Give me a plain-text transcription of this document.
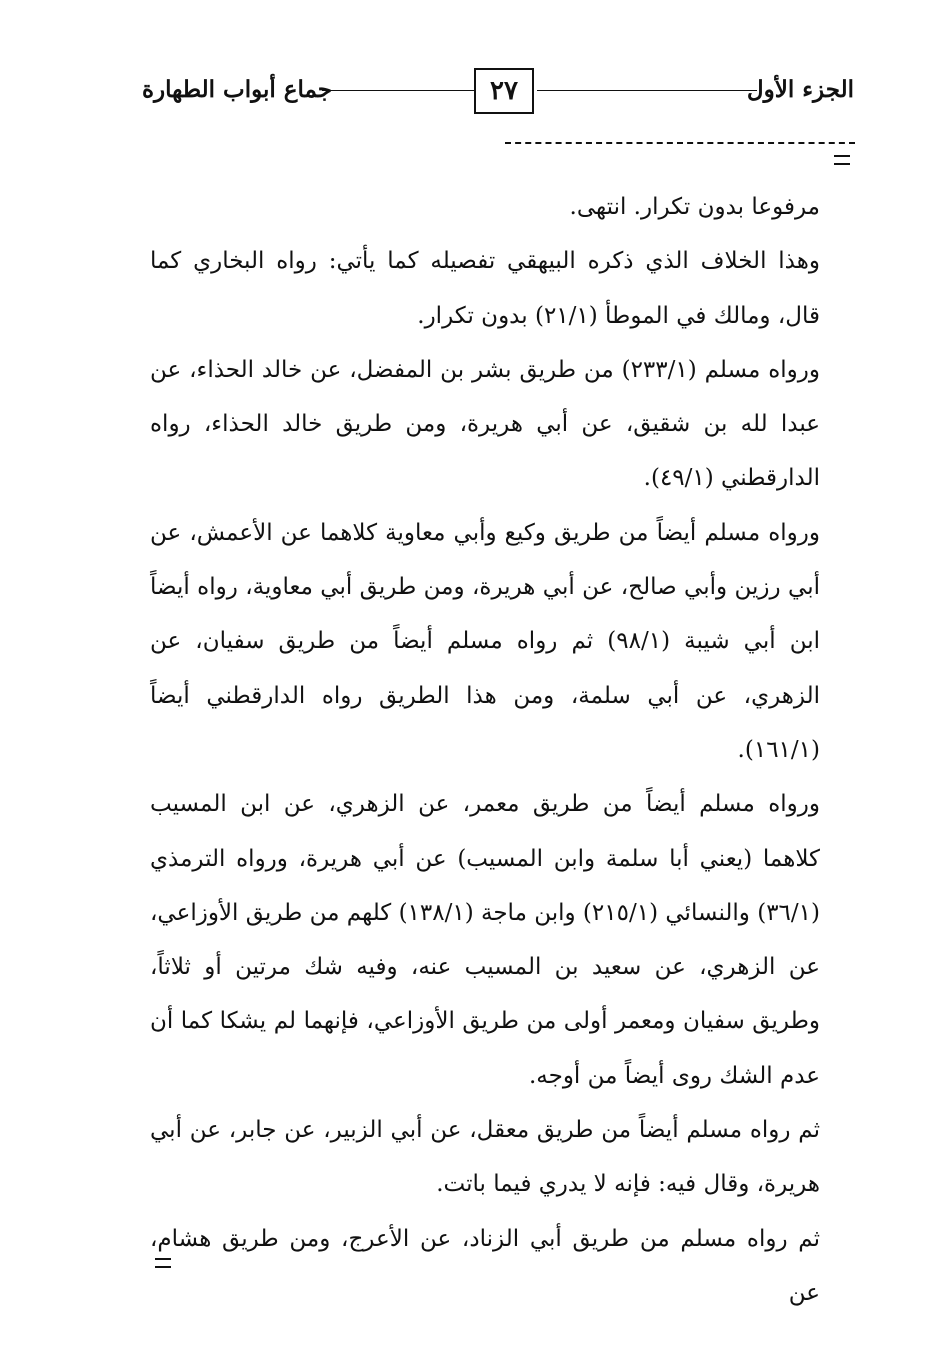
الجزء الأول
٢٧
جماع أبواب الطهارة

مرفوعا بدون تكرار. انتهى.

وهذا الخلاف الذي ذكره البيهقي تفصيله كما يأتي: رواه البخاري كما قال، ومالك في الموطأ (٢١/١) بدون تكرار.

ورواه مسلم (٢٣٣/١) من طريق بشر بن المفضل، عن خالد الحذاء، عن عبدا لله بن شقيق، عن أبي هريرة، ومن طريق خالد الحذاء، رواه الدارقطني (٤٩/١).

ورواه مسلم أيضاً من طريق وكيع وأبي معاوية كلاهما عن الأعمش، عن أبي رزين وأبي صالح، عن أبي هريرة، ومن طريق أبي معاوية، رواه أيضاً ابن أبي شيبة (٩٨/١) ثم رواه مسلم أيضاً من طريق سفيان، عن الزهري، عن أبي سلمة، ومن هذا الطريق رواه الدارقطني أيضاً (١٦١/١).

ورواه مسلم أيضاً من طريق معمر، عن الزهري، عن ابن المسيب كلاهما (يعني أبا سلمة وابن المسيب) عن أبي هريرة، ورواه الترمذي (٣٦/١) والنسائي (٢١٥/١) وابن ماجة (١٣٨/١) كلهم من طريق الأوزاعي، عن الزهري، عن سعيد بن المسيب عنه، وفيه شك مرتين أو ثلاثاً، وطريق سفيان ومعمر أولى من طريق الأوزاعي، فإنهما لم يشكا كما أن عدم الشك روى أيضاً من أوجه.

ثم رواه مسلم أيضاً من طريق معقل، عن أبي الزبير، عن جابر، عن أبي هريرة، وقال فيه: فإنه لا يدري فيما باتت.

ثم رواه مسلم من طريق أبي الزناد، عن الأعرج، ومن طريق هشام، عن
